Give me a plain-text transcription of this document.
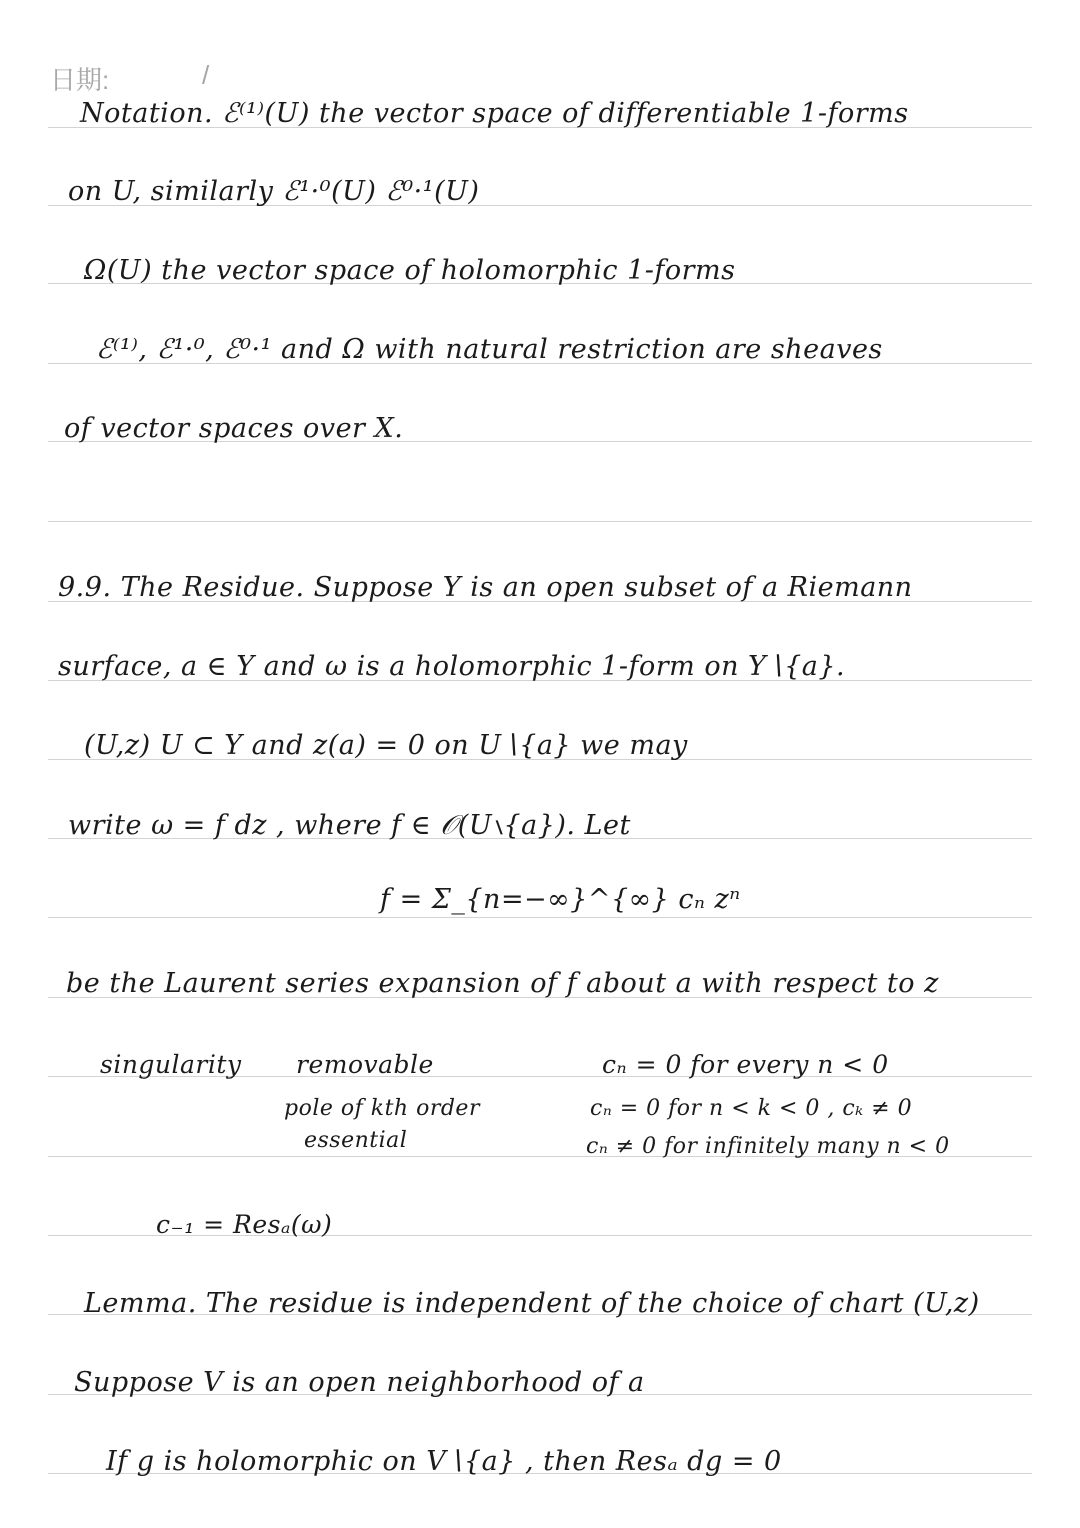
日期:	/
Notation. ℰ⁽¹⁾(U) the vector space of differentiable 1-forms
on U, similarly ℰ¹·⁰(U) ℰ⁰·¹(U)
Ω(U) the vector space of holomorphic 1-forms
ℰ⁽¹⁾, ℰ¹·⁰, ℰ⁰·¹ and Ω with natural restriction are sheaves
of vector spaces over X.
9.9. The Residue. Suppose Y is an open subset of a Riemann
surface, a ∈ Y and ω is a holomorphic 1-form on Y∖{a}.
(U,z) U ⊂ Y and z(a) = 0 on U∖{a} we may
write ω = f dz , where f ∈ 𝒪(U∖{a}). Let
f = Σ_{n=−∞}^{∞} cₙ zⁿ
be the Laurent series expansion of f about a with respect to z
singularity removable	cₙ = 0 for every n < 0
pole of kth order	cₙ = 0 for n < k < 0 , cₖ ≠ 0
essential	cₙ ≠ 0 for infinitely many n < 0
c₋₁ = Resₐ(ω)
Lemma. The residue is independent of the choice of chart (U,z)
Suppose V is an open neighborhood of a
If g is holomorphic on V∖{a} , then Resₐ dg = 0
